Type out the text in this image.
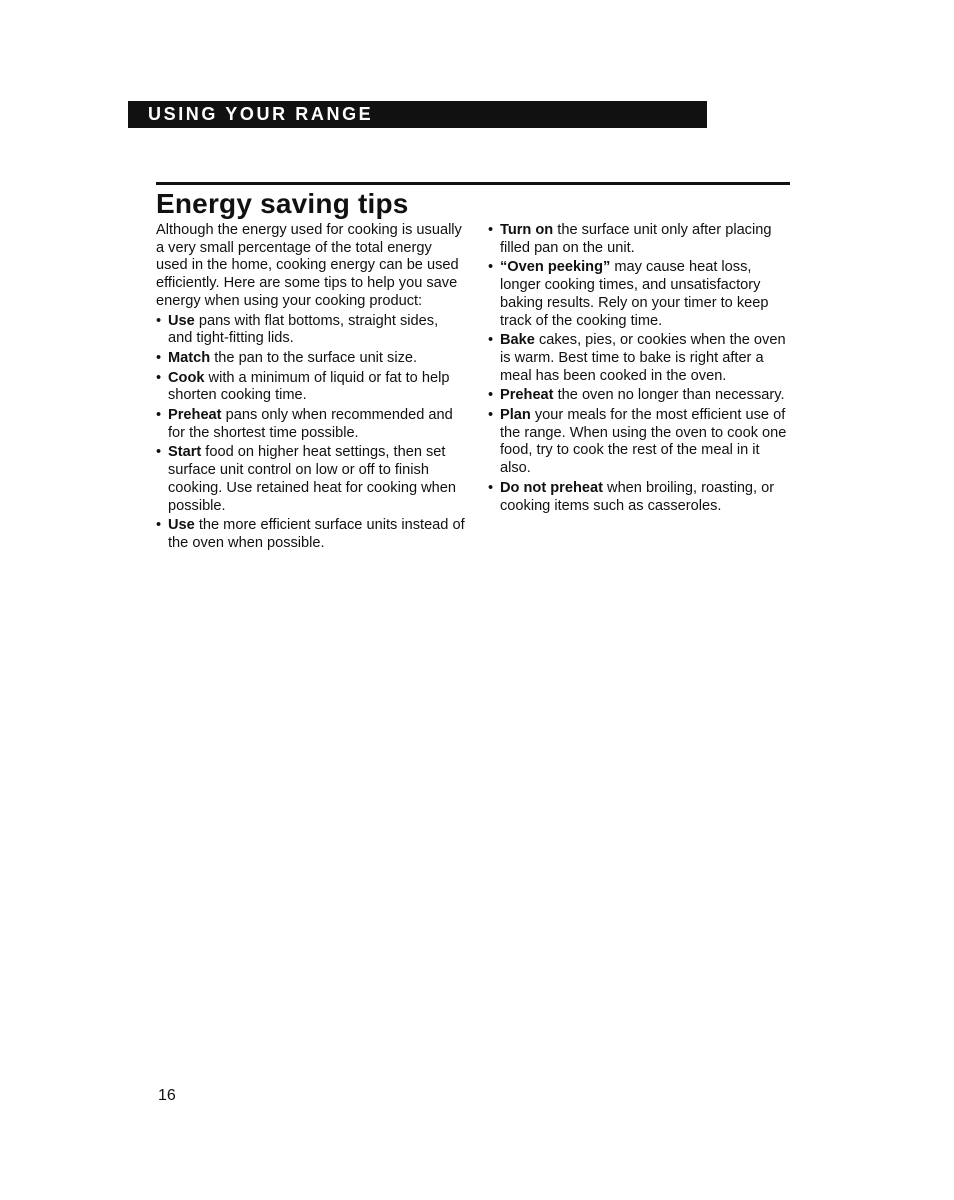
USING YOUR RANGE
Energy saving tips

Although the energy used for cooking is usually a very small percentage of the total energy used in the home, cooking energy can be used efficiently. Here are some tips to help you save energy when using your cooking product:

• Use pans with flat bottoms, straight sides, and tight-fitting lids.
• Match the pan to the surface unit size.
• Cook with a minimum of liquid or fat to help shorten cooking time.
• Preheat pans only when recommended and for the shortest time possible.
• Start food on higher heat settings, then set surface unit control on low or off to finish cooking. Use retained heat for cooking when possible.
• Use the more efficient surface units instead of the oven when possible.
• Turn on the surface unit only after placing filled pan on the unit.
• “Oven peeking” may cause heat loss, longer cooking times, and unsatisfactory baking results. Rely on your timer to keep track of the cooking time.
• Bake cakes, pies, or cookies when the oven is warm. Best time to bake is right after a meal has been cooked in the oven.
• Preheat the oven no longer than necessary.
• Plan your meals for the most efficient use of the range. When using the oven to cook one food, try to cook the rest of the meal in it also.
• Do not preheat when broiling, roasting, or cooking items such as casseroles.
16
